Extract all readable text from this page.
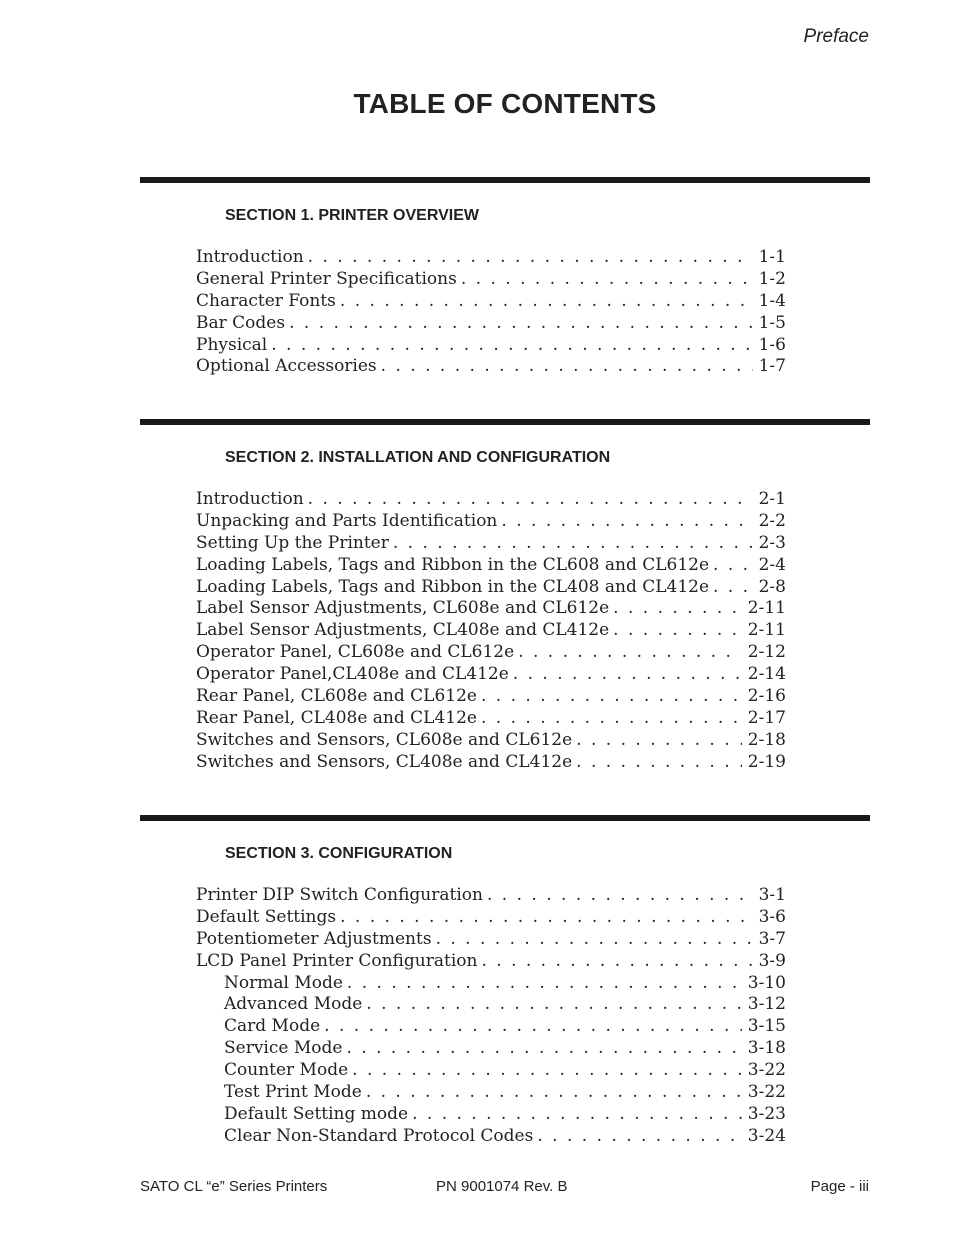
Preface
TABLE OF CONTENTS
SECTION 1. PRINTER OVERVIEW
Introduction . . .	1-1
General Printer Specifications . . .	1-2
Character Fonts . . .	1-4
Bar Codes . . .	1-5
Physical . . .	1-6
Optional Accessories . . .	1-7
SECTION 2. INSTALLATION AND CONFIGURATION
Introduction . . .	2-1
Unpacking and Parts Identification . . .	2-2
Setting Up the Printer . . .	2-3
Loading Labels, Tags and Ribbon in the CL608 and CL612e . . .	2-4
Loading Labels, Tags and Ribbon in the CL408 and CL412e . . .	2-8
Label Sensor Adjustments, CL608e and CL612e . . .	2-11
Label Sensor Adjustments, CL408e and CL412e . . .	2-11
Operator Panel, CL608e and CL612e . . .	2-12
Operator Panel,CL408e and CL412e . . .	2-14
Rear Panel, CL608e and CL612e . . .	2-16
Rear Panel, CL408e and CL412e . . .	2-17
Switches and Sensors, CL608e and CL612e . . .	2-18
Switches and Sensors, CL408e and CL412e . . .	2-19
SECTION 3. CONFIGURATION
Printer DIP Switch Configuration . . .	3-1
Default Settings . . .	3-6
Potentiometer Adjustments . . .	3-7
LCD Panel Printer Configuration . . .	3-9
Normal Mode . . .	3-10
Advanced Mode . . .	3-12
Card Mode . . .	3-15
Service Mode . . .	3-18
Counter Mode . . .	3-22
Test Print Mode . . .	3-22
Default Setting mode . . .	3-23
Clear Non-Standard Protocol Codes . . .	3-24
SATO CL “e” Series Printers	PN 9001074 Rev. B	Page - iii
